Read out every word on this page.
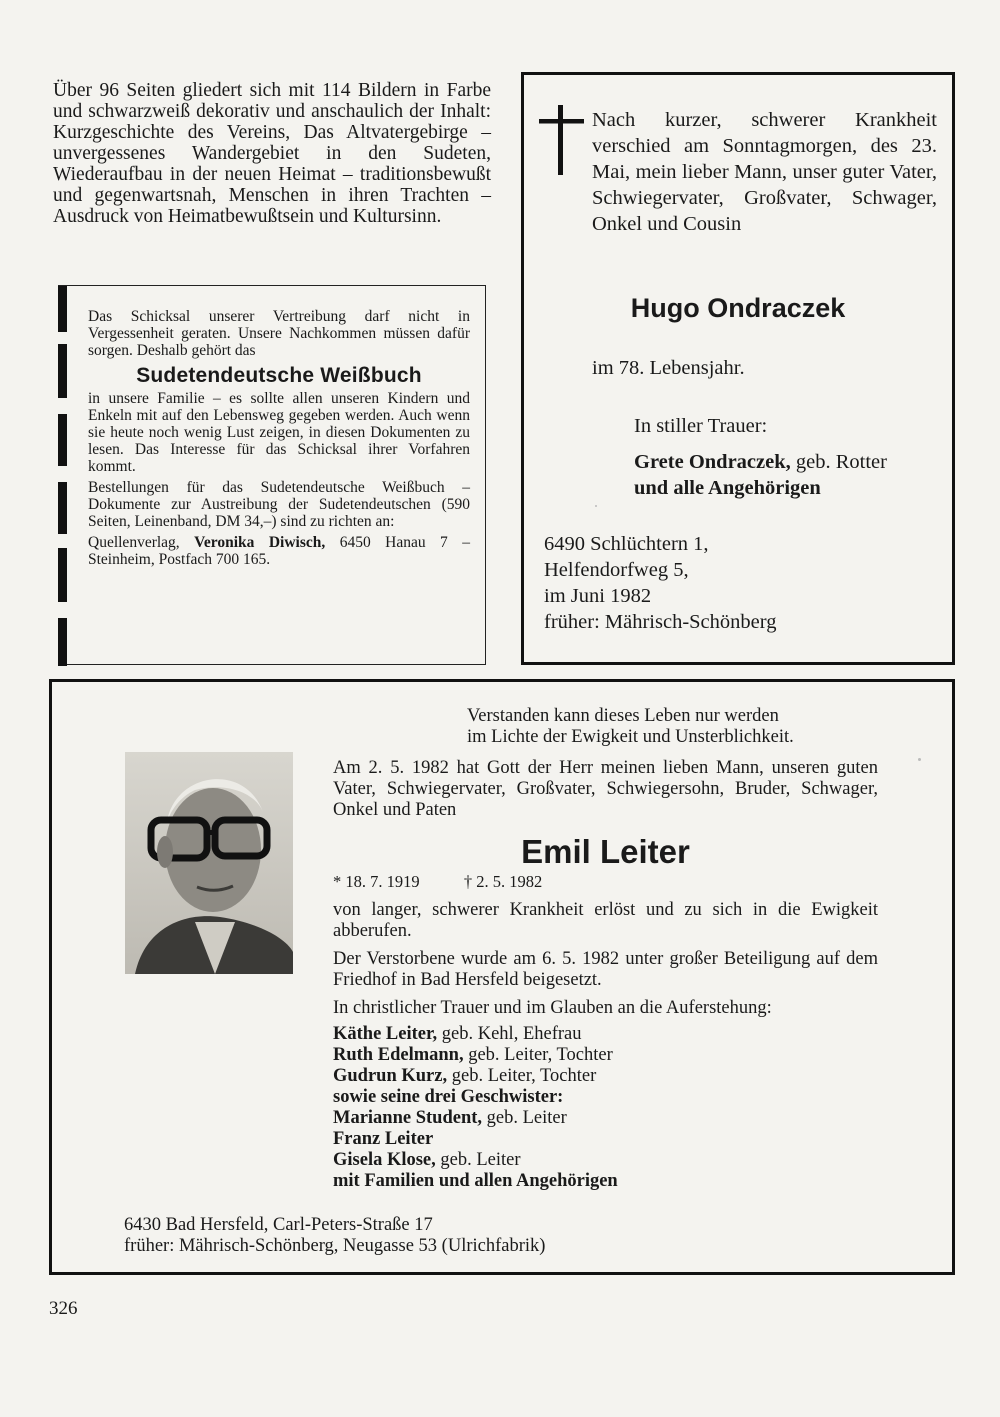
Über 96 Seiten gliedert sich mit 114 Bildern in Farbe und schwarzweiß dekorativ und anschaulich der Inhalt: Kurzgeschichte des Vereins, Das Altvatergebirge – unvergessenes Wandergebiet in den Sudeten, Wiederaufbau in der neuen Heimat – traditionsbewußt und gegenwartsnah, Menschen in ihren Trachten – Ausdruck von Heimatbewußtsein und Kultursinn.

Das Schicksal unserer Vertreibung darf nicht in Vergessenheit geraten. Unsere Nachkommen müssen dafür sorgen. Deshalb gehört das

Sudetendeutsche Weißbuch

in unsere Familie – es sollte allen unseren Kindern und Enkeln mit auf den Lebensweg gegeben werden. Auch wenn sie heute noch wenig Lust zeigen, in diesen Dokumenten zu lesen. Das Interesse für das Schicksal ihrer Vorfahren kommt.

Bestellungen für das Sudetendeutsche Weißbuch – Dokumente zur Austreibung der Sudetendeutschen (590 Seiten, Leinenband, DM 34,–) sind zu richten an:

Quellenverlag, Veronika Diwisch, 6450 Hanau 7 – Steinheim, Postfach 700 165.

Nach kurzer, schwerer Krankheit verschied am Sonntagmorgen, des 23. Mai, mein lieber Mann, unser guter Vater, Schwiegervater, Großvater, Schwager, Onkel und Cousin
Hugo Ondraczek
im 78. Lebensjahr.
In stiller Trauer:
Grete Ondraczek, geb. Rotter
und alle Angehörigen
6490 Schlüchtern 1,
Helfendorfweg 5,
im Juni 1982
früher: Mährisch-Schönberg
Verstanden kann dieses Leben nur werden
im Lichte der Ewigkeit und Unsterblichkeit.

Am 2. 5. 1982 hat Gott der Herr meinen lieben Mann, unseren guten Vater, Schwiegervater, Großvater, Schwiegersohn, Bruder, Schwager, Onkel und Paten

Emil Leiter

* 18. 7. 1919	† 2. 5. 1982

von langer, schwerer Krankheit erlöst und zu sich in die Ewigkeit abberufen.

Der Verstorbene wurde am 6. 5. 1982 unter großer Beteiligung auf dem Friedhof in Bad Hersfeld beigesetzt.

In christlicher Trauer und im Glauben an die Auferstehung:

Käthe Leiter, geb. Kehl, Ehefrau
Ruth Edelmann, geb. Leiter, Tochter
Gudrun Kurz, geb. Leiter, Tochter
sowie seine drei Geschwister:
Marianne Student, geb. Leiter
Franz Leiter
Gisela Klose, geb. Leiter
mit Familien und allen Angehörigen
6430 Bad Hersfeld, Carl-Peters-Straße 17
früher: Mährisch-Schönberg, Neugasse 53 (Ulrichfabrik)
326
